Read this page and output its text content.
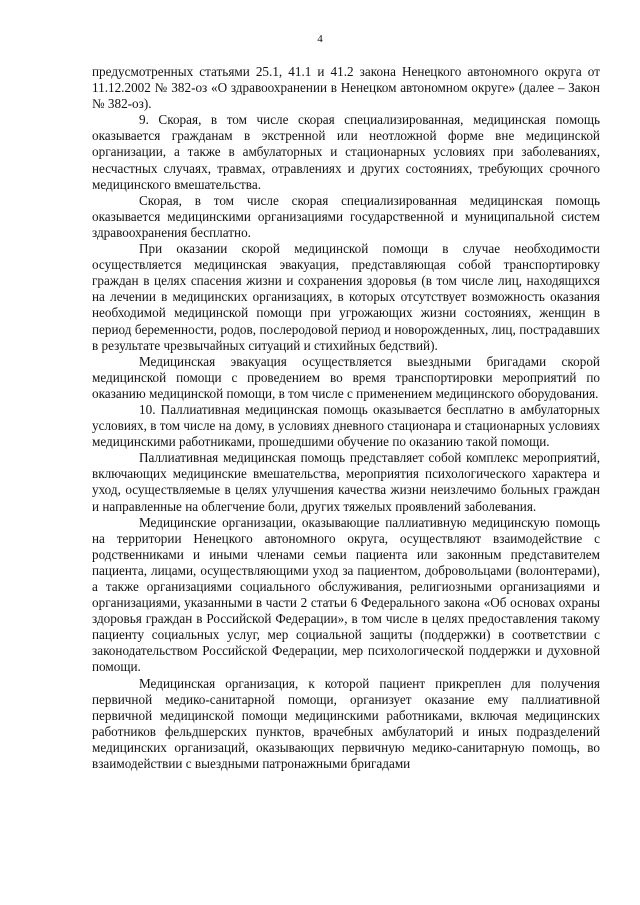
4

предусмотренных статьями 25.1, 41.1 и 41.2 закона Ненецкого автономного округа от 11.12.2002 № 382-оз «О здравоохранении в Ненецком автономном округе» (далее – Закон № 382-оз).

9. Скорая, в том числе скорая специализированная, медицинская помощь оказывается гражданам в экстренной или неотложной форме вне медицинской организации, а также в амбулаторных и стационарных условиях при заболеваниях, несчастных случаях, травмах, отравлениях и других состояниях, требующих срочного медицинского вмешательства.

Скорая, в том числе скорая специализированная медицинская помощь оказывается медицинскими организациями государственной и муниципальной систем здравоохранения бесплатно.

При оказании скорой медицинской помощи в случае необходимости осуществляется медицинская эвакуация, представляющая собой транспортировку граждан в целях спасения жизни и сохранения здоровья (в том числе лиц, находящихся на лечении в медицинских организациях, в которых отсутствует возможность оказания необходимой медицинской помощи при угрожающих жизни состояниях, женщин в период беременности, родов, послеродовой период и новорожденных, лиц, пострадавших в результате чрезвычайных ситуаций и стихийных бедствий).

Медицинская эвакуация осуществляется выездными бригадами скорой медицинской помощи с проведением во время транспортировки мероприятий по оказанию медицинской помощи, в том числе с применением медицинского оборудования.

10. Паллиативная медицинская помощь оказывается бесплатно в амбулаторных условиях, в том числе на дому, в условиях дневного стационара и стационарных условиях медицинскими работниками, прошедшими обучение по оказанию такой помощи.

Паллиативная медицинская помощь представляет собой комплекс мероприятий, включающих медицинские вмешательства, мероприятия психологического характера и уход, осуществляемые в целях улучшения качества жизни неизлечимо больных граждан и направленные на облегчение боли, других тяжелых проявлений заболевания.

Медицинские организации, оказывающие паллиативную медицинскую помощь на территории Ненецкого автономного округа, осуществляют взаимодействие с родственниками и иными членами семьи пациента или законным представителем пациента, лицами, осуществляющими уход за пациентом, добровольцами (волонтерами), а также организациями социального обслуживания, религиозными организациями и организациями, указанными в части 2 статьи 6 Федерального закона «Об основах охраны здоровья граждан в Российской Федерации», в том числе в целях предоставления такому пациенту социальных услуг, мер социальной защиты (поддержки) в соответствии с законодательством Российской Федерации, мер психологической поддержки и духовной помощи.

Медицинская организация, к которой пациент прикреплен для получения первичной медико-санитарной помощи, организует оказание ему паллиативной первичной медицинской помощи медицинскими работниками, включая медицинских работников фельдшерских пунктов, врачебных амбулаторий и иных подразделений медицинских организаций, оказывающих первичную медико-санитарную помощь, во взаимодействии с выездными патронажными бригадами
